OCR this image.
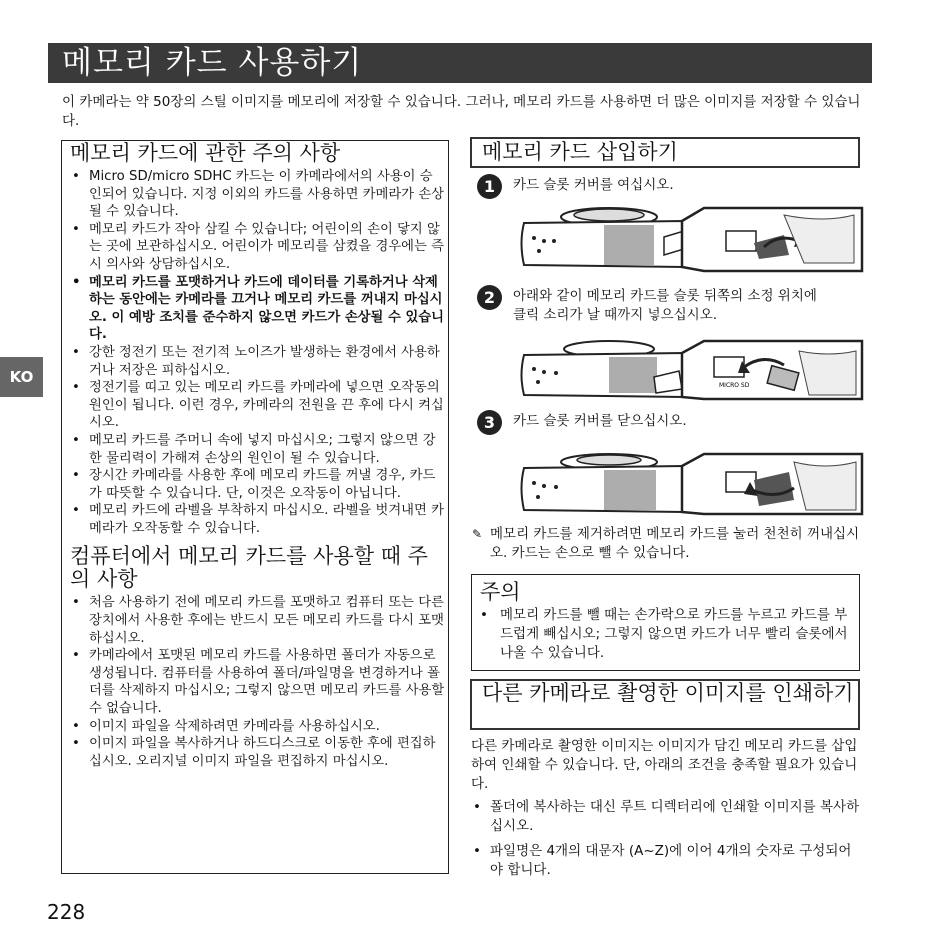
메모리 카드 사용하기
이 카메라는 약 50장의 스틸 이미지를 메모리에 저장할 수 있습니다. 그러나, 메모리 카드를 사용하면 더 많은 이미지를 저장할 수 있습니다.
KO
메모리 카드에 관한 주의 사항
• Micro SD/micro SDHC 카드는 이 카메라에서의 사용이 승인되어 있습니다. 지정 이외의 카드를 사용하면 카메라가 손상될 수 있습니다.
• 메모리 카드가 작아 삼킬 수 있습니다; 어린이의 손이 닿지 않는 곳에 보관하십시오. 어린이가 메모리를 삼켰을 경우에는 즉시 의사와 상담하십시오.
• 메모리 카드를 포맷하거나 카드에 데이터를 기록하거나 삭제하는 동안에는 카메라를 끄거나 메모리 카드를 꺼내지 마십시오. 이 예방 조치를 준수하지 않으면 카드가 손상될 수 있습니다.
• 강한 정전기 또는 전기적 노이즈가 발생하는 환경에서 사용하거나 저장은 피하십시오.
• 정전기를 띠고 있는 메모리 카드를 카메라에 넣으면 오작동의 원인이 됩니다. 이런 경우, 카메라의 전원을 끈 후에 다시 켜십시오.
• 메모리 카드를 주머니 속에 넣지 마십시오; 그렇지 않으면 강한 물리력이 가해져 손상의 원인이 될 수 있습니다.
• 장시간 카메라를 사용한 후에 메모리 카드를 꺼낼 경우, 카드가 따뜻할 수 있습니다. 단, 이것은 오작동이 아닙니다.
• 메모리 카드에 라벨을 부착하지 마십시오. 라벨을 벗겨내면 카메라가 오작동할 수 있습니다.
컴퓨터에서 메모리 카드를 사용할 때 주의 사항
• 처음 사용하기 전에 메모리 카드를 포맷하고 컴퓨터 또는 다른 장치에서 사용한 후에는 반드시 모든 메모리 카드를 다시 포맷하십시오.
• 카메라에서 포맷된 메모리 카드를 사용하면 폴더가 자동으로 생성됩니다. 컴퓨터를 사용하여 폴더/파일명을 변경하거나 폴더를 삭제하지 마십시오; 그렇지 않으면 메모리 카드를 사용할 수 없습니다.
• 이미지 파일을 삭제하려면 카메라를 사용하십시오.
• 이미지 파일을 복사하거나 하드디스크로 이동한 후에 편집하십시오. 오리지널 이미지 파일을 편집하지 마십시오.
메모리 카드 삽입하기
1	카드 슬롯 커버를 여십시오.
2	아래와 같이 메모리 카드를 슬롯 뒤쪽의 소정 위치에 클릭 소리가 날 때까지 넣으십시오.
MICRO SD
3	카드 슬롯 커버를 닫으십시오.
✎ 메모리 카드를 제거하려면 메모리 카드를 눌러 천천히 꺼내십시오. 카드는 손으로 뺄 수 있습니다.
주의
• 메모리 카드를 뺄 때는 손가락으로 카드를 누르고 카드를 부드럽게 빼십시오; 그렇지 않으면 카드가 너무 빨리 슬롯에서 나올 수 있습니다.
다른 카메라로 촬영한 이미지를 인쇄하기
다른 카메라로 촬영한 이미지는 이미지가 담긴 메모리 카드를 삽입하여 인쇄할 수 있습니다. 단, 아래의 조건을 충족할 필요가 있습니다.
• 폴더에 복사하는 대신 루트 디렉터리에 인쇄할 이미지를 복사하십시오.
• 파일명은 4개의 대문자 (A~Z)에 이어 4개의 숫자로 구성되어야 합니다.
228
